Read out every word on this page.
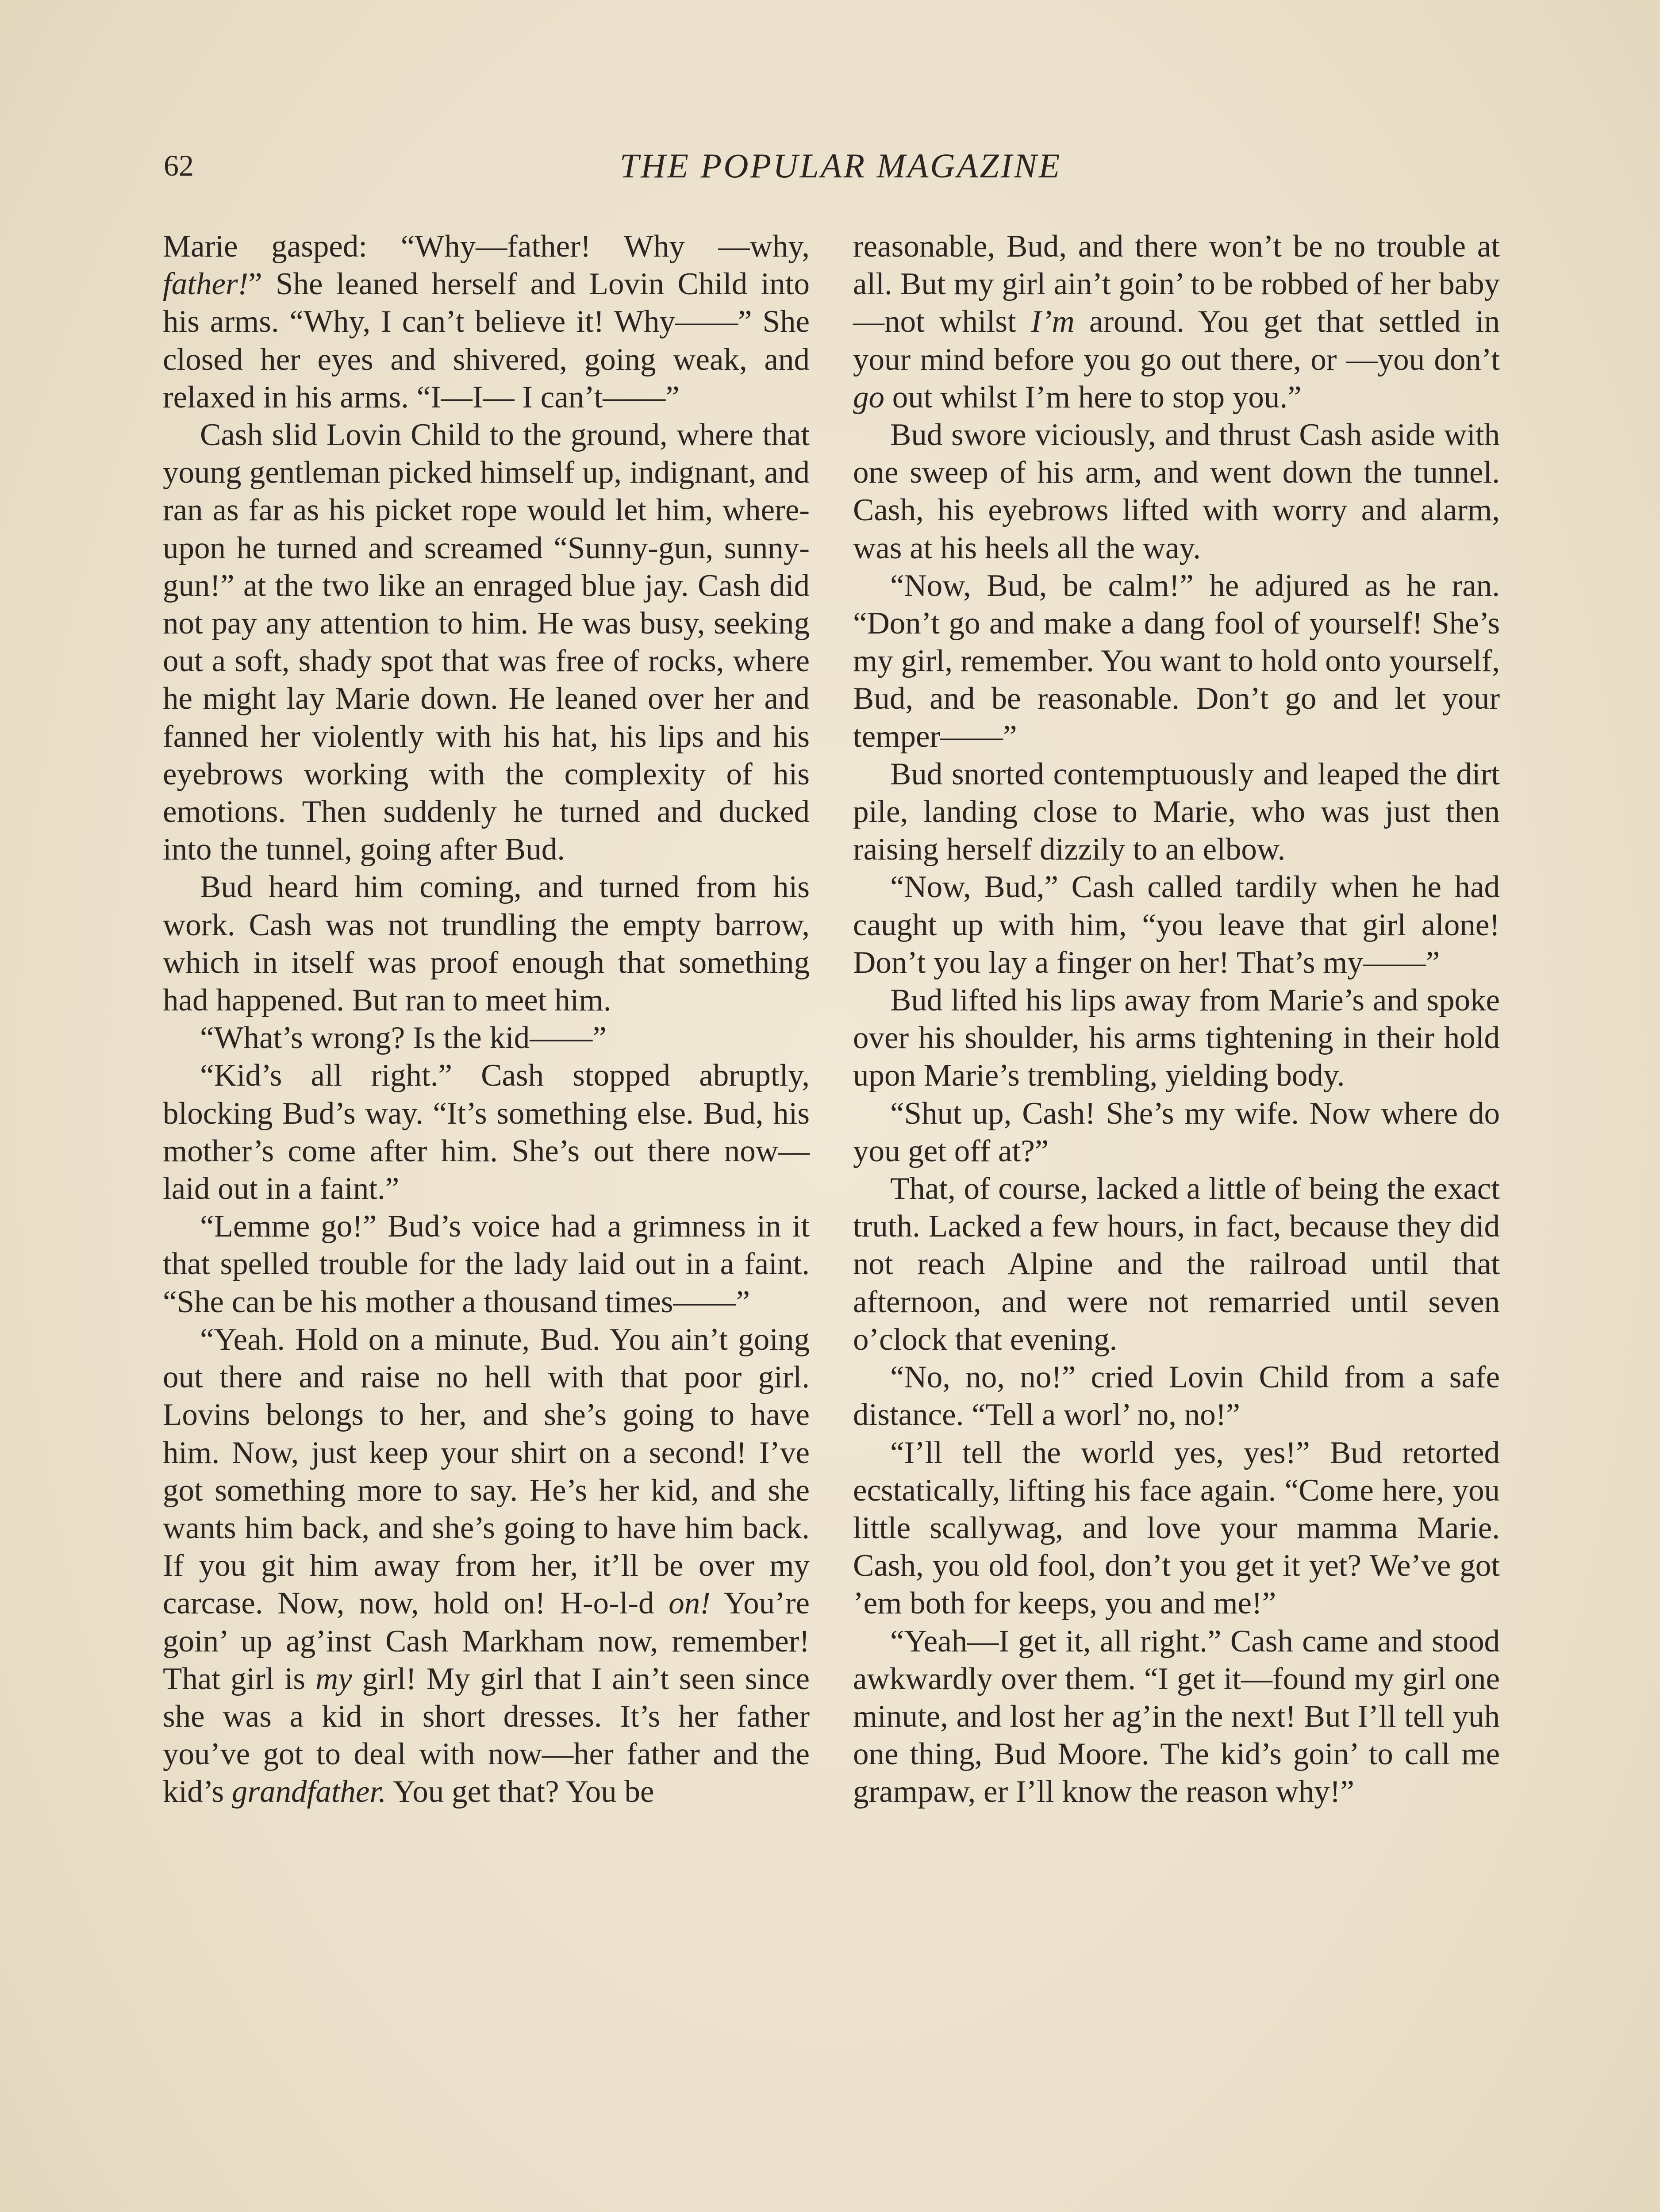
62	THE POPULAR MAGAZINE

Marie gasped: “Why—father! Why —why, father!” She leaned herself and Lovin Child into his arms. “Why, I can’t believe it! Why——” She closed her eyes and shivered, going weak, and relaxed in his arms. “I—I— I can’t——”

Cash slid Lovin Child to the ground, where that young gentleman picked himself up, indignant, and ran as far as his picket rope would let him, whereupon he turned and screamed “Sunny-gun, sunny-gun!” at the two like an enraged blue jay. Cash did not pay any attention to him. He was busy, seeking out a soft, shady spot that was free of rocks, where he might lay Marie down. He leaned over her and fanned her violently with his hat, his lips and his eyebrows working with the complexity of his emotions. Then suddenly he turned and ducked into the tunnel, going after Bud.

Bud heard him coming, and turned from his work. Cash was not trundling the empty barrow, which in itself was proof enough that something had happened. But ran to meet him.

“What’s wrong? Is the kid——”

“Kid’s all right.” Cash stopped abruptly, blocking Bud’s way. “It’s something else. Bud, his mother’s come after him. She’s out there now—laid out in a faint.”

“Lemme go!” Bud’s voice had a grimness in it that spelled trouble for the lady laid out in a faint. “She can be his mother a thousand times——”

“Yeah. Hold on a minute, Bud. You ain’t going out there and raise no hell with that poor girl. Lovins belongs to her, and she’s going to have him. Now, just keep your shirt on a second! I’ve got something more to say. He’s her kid, and she wants him back, and she’s going to have him back. If you git him away from her, it’ll be over my carcase. Now, now, hold on! H-o-l-d on! You’re goin’ up ag’inst Cash Markham now, remember! That girl is my girl! My girl that I ain’t seen since she was a kid in short dresses. It’s her father you’ve got to deal with now—her father and the kid’s grandfather. You get that? You be

reasonable, Bud, and there won’t be no trouble at all. But my girl ain’t goin’ to be robbed of her baby—not whilst I’m around. You get that settled in your mind before you go out there, or —you don’t go out whilst I’m here to stop you.”

Bud swore viciously, and thrust Cash aside with one sweep of his arm, and went down the tunnel. Cash, his eyebrows lifted with worry and alarm, was at his heels all the way.

“Now, Bud, be calm!” he adjured as he ran. “Don’t go and make a dang fool of yourself! She’s my girl, remember. You want to hold onto yourself, Bud, and be reasonable. Don’t go and let your temper——”

Bud snorted contemptuously and leaped the dirt pile, landing close to Marie, who was just then raising herself dizzily to an elbow.

“Now, Bud,” Cash called tardily when he had caught up with him, “you leave that girl alone! Don’t you lay a finger on her! That’s my——”

Bud lifted his lips away from Marie’s and spoke over his shoulder, his arms tightening in their hold upon Marie’s trembling, yielding body.

“Shut up, Cash! She’s my wife. Now where do you get off at?”

That, of course, lacked a little of being the exact truth. Lacked a few hours, in fact, because they did not reach Alpine and the railroad until that afternoon, and were not remarried until seven o’clock that evening.

“No, no, no!” cried Lovin Child from a safe distance. “Tell a worl’ no, no!”

“I’ll tell the world yes, yes!” Bud retorted ecstatically, lifting his face again. “Come here, you little scallywag, and love your mamma Marie. Cash, you old fool, don’t you get it yet? We’ve got ’em both for keeps, you and me!”

“Yeah—I get it, all right.” Cash came and stood awkwardly over them. “I get it—found my girl one minute, and lost her ag’in the next! But I’ll tell yuh one thing, Bud Moore. The kid’s goin’ to call me grampaw, er I’ll know the reason why!”
